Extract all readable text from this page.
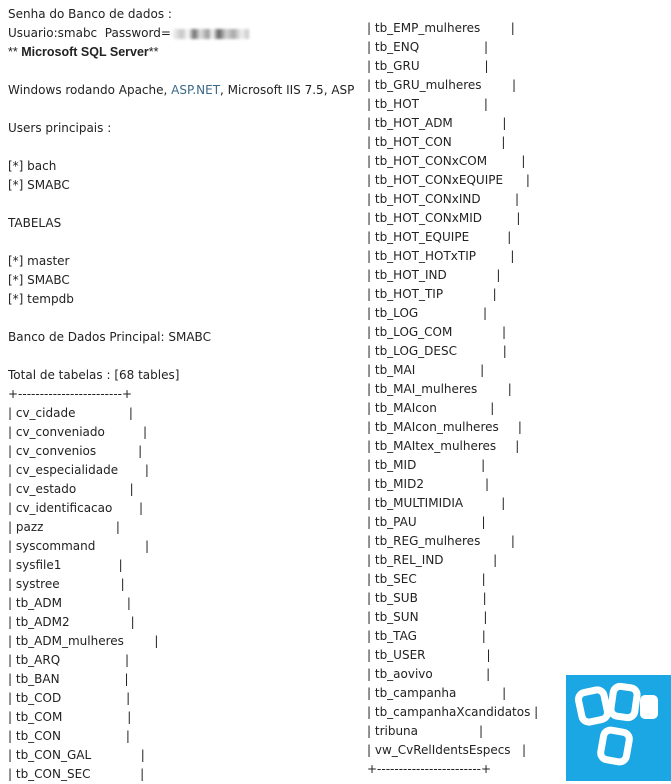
Senha do Banco de dados :
Usuario:smabc  Password=
** Microsoft SQL Server**
Windows rodando Apache, ASP.NET, Microsoft IIS 7.5, ASP
Users principais :
[*] bach
[*] SMABC
TABELAS
[*] master
[*] SMABC
[*] tempdb
Banco de Dados Principal: SMABC
Total de tabelas : [68 tables]
+------------------------+
| cv_cidade              |
| cv_conveniado          |
| cv_convenios           |
| cv_especialidade       |
| cv_estado              |
| cv_identificacao       |
| pazz                   |
| syscommand             |
| sysfile1               |
| systree                |
| tb_ADM                 |
| tb_ADM2                |
| tb_ADM_mulheres        |
| tb_ARQ                 |
| tb_BAN                 |
| tb_COD                 |
| tb_COM                 |
| tb_CON                 |
| tb_CON_GAL             |
| tb_CON_SEC             |
| tb_EMP_mulheres        |
| tb_ENQ                 |
| tb_GRU                 |
| tb_GRU_mulheres        |
| tb_HOT                 |
| tb_HOT_ADM             |
| tb_HOT_CON             |
| tb_HOT_CONxCOM         |
| tb_HOT_CONxEQUIPE      |
| tb_HOT_CONxIND         |
| tb_HOT_CONxMID         |
| tb_HOT_EQUIPE          |
| tb_HOT_HOTxTIP         |
| tb_HOT_IND             |
| tb_HOT_TIP             |
| tb_LOG                 |
| tb_LOG_COM             |
| tb_LOG_DESC            |
| tb_MAI                 |
| tb_MAI_mulheres        |
| tb_MAIcon              |
| tb_MAIcon_mulheres     |
| tb_MAItex_mulheres     |
| tb_MID                 |
| tb_MID2                |
| tb_MULTIMIDIA          |
| tb_PAU                 |
| tb_REG_mulheres        |
| tb_REL_IND             |
| tb_SEC                 |
| tb_SUB                 |
| tb_SUN                 |
| tb_TAG                 |
| tb_USER                |
| tb_aovivo              |
| tb_campanha            |
| tb_campanhaXcandidatos |
| tribuna                |
| vw_CvRelIdentsEspecs   |
+------------------------+
